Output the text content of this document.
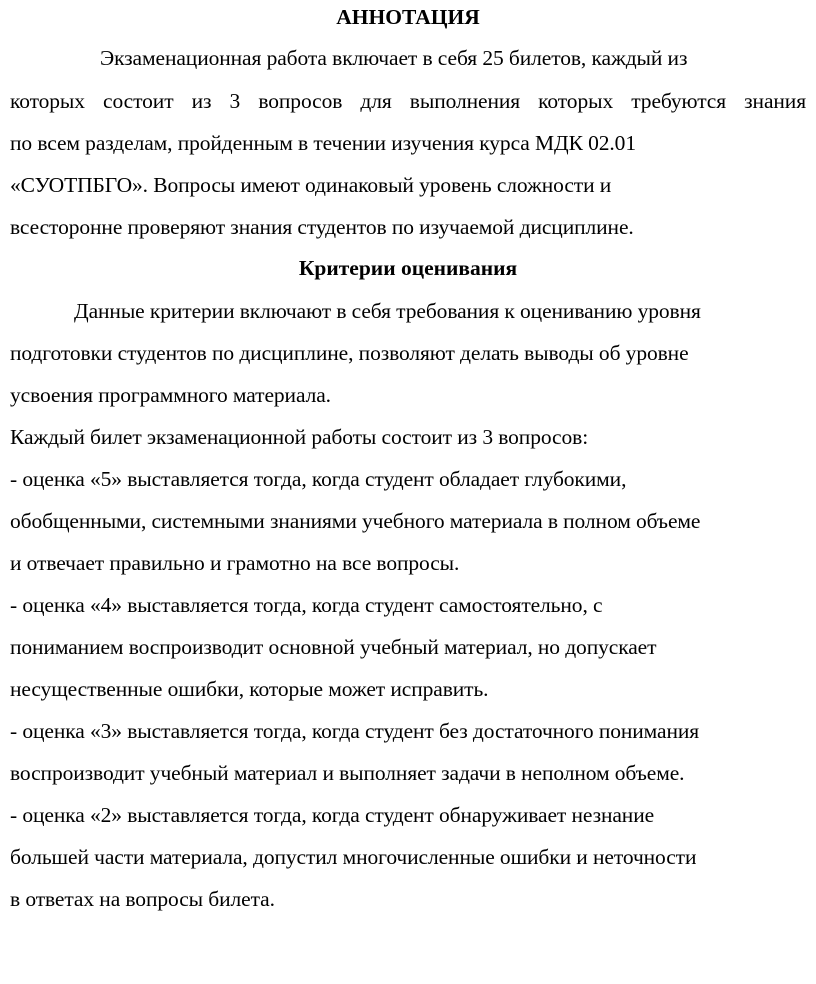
АННОТАЦИЯ
Экзаменационная работа включает в себя 25 билетов, каждый из
которых состоит из 3 вопросов для выполнения которых требуются знания
по всем разделам, пройденным в течении изучения курса МДК 02.01
«СУОТПБГО». Вопросы имеют одинаковый уровень сложности и
всесторонне проверяют знания студентов по изучаемой дисциплине.
Критерии оценивания
Данные критерии включают в себя требования к оцениванию уровня
подготовки студентов по дисциплине, позволяют делать выводы об уровне
усвоения программного материала.
Каждый билет экзаменационной работы состоит из 3 вопросов:
- оценка «5» выставляется тогда, когда студент обладает глубокими,
обобщенными, системными знаниями учебного материала в полном объеме
и отвечает правильно и грамотно на все вопросы.
- оценка «4» выставляется тогда, когда студент самостоятельно, с
пониманием воспроизводит основной учебный материал, но допускает
несущественные ошибки, которые может исправить.
- оценка «3» выставляется тогда, когда студент без достаточного понимания
воспроизводит учебный материал и выполняет задачи в неполном объеме.
- оценка «2» выставляется тогда, когда студент обнаруживает незнание
большей части материала, допустил многочисленные ошибки и неточности
в ответах на вопросы билета.
